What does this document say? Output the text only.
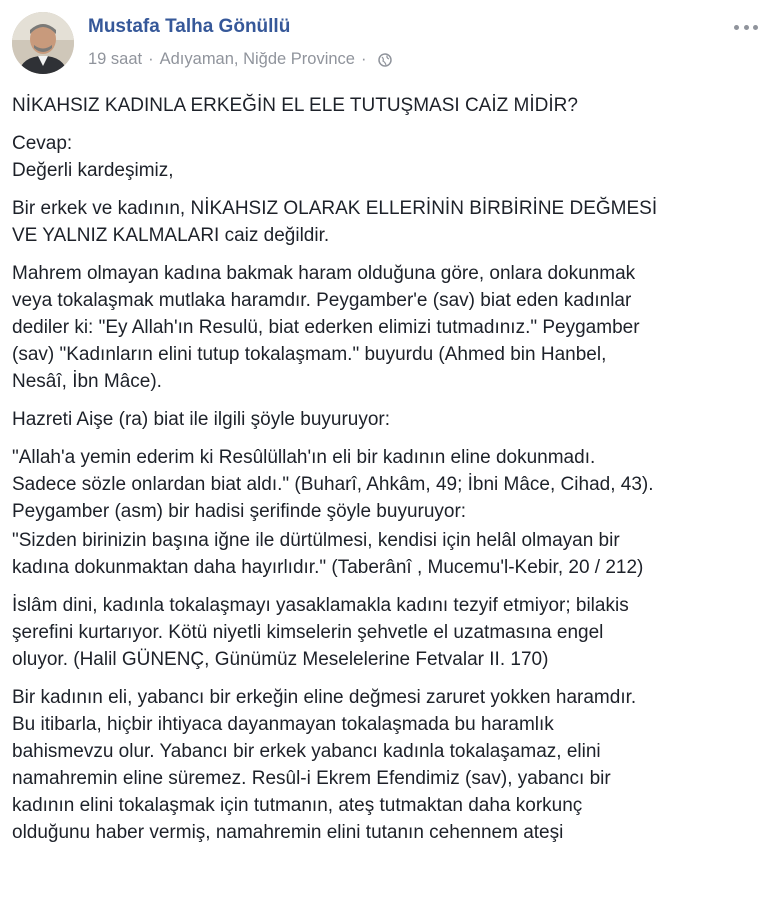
Mustafa Talha Gönüllü
19 saat · Adıyaman, Niğde Province ·

NİKAHSIZ KADINLA ERKEĞİN EL ELE TUTUŞMASI CAİZ MİDİR?

Cevap:
Değerli kardeşimiz,

Bir erkek ve kadının, NİKAHSIZ OLARAK ELLERİNİN BİRBİRİNE DEĞMESİ
VE YALNIZ KALMALARI caiz değildir.

Mahrem olmayan kadına bakmak haram olduğuna göre, onlara dokunmak
veya tokalaşmak mutlaka haramdır. Peygamber'e (sav) biat eden kadınlar
dediler ki: "Ey Allah'ın Resulü, biat ederken elimizi tutmadınız." Peygamber
(sav) "Kadınların elini tutup tokalaşmam." buyurdu (Ahmed bin Hanbel,
Nesâî, İbn Mâce).

Hazreti Aişe (ra) biat ile ilgili şöyle buyuruyor:

"Allah'a yemin ederim ki Resûlüllah'ın eli bir kadının eline dokunmadı.
Sadece sözle onlardan biat aldı." (Buharî, Ahkâm, 49; İbni Mâce, Cihad, 43).
Peygamber (asm) bir hadisi şerifinde şöyle buyuruyor:

"Sizden birinizin başına iğne ile dürtülmesi, kendisi için helâl olmayan bir
kadına dokunmaktan daha hayırlıdır." (Taberânî , Mucemu'l-Kebir, 20 / 212)

İslâm dini, kadınla tokalaşmayı yasaklamakla kadını tezyif etmiyor; bilakis
şerefini kurtarıyor. Kötü niyetli kimselerin şehvetle el uzatmasına engel
oluyor. (Halil GÜNENÇ, Günümüz Meselelerine Fetvalar II. 170)

Bir kadının eli, yabancı bir erkeğin eline değmesi zaruret yokken haramdır.
Bu itibarla, hiçbir ihtiyaca dayanmayan tokalaşmada bu haramlık
bahismevzu olur. Yabancı bir erkek yabancı kadınla tokalaşamaz, elini
namahremin eline süremez. Resûl-i Ekrem Efendimiz (sav), yabancı bir
kadının elini tokalaşmak için tutmanın, ateş tutmaktan daha korkunç
olduğunu haber vermiş, namahremin elini tutanın cehennem ateşi
